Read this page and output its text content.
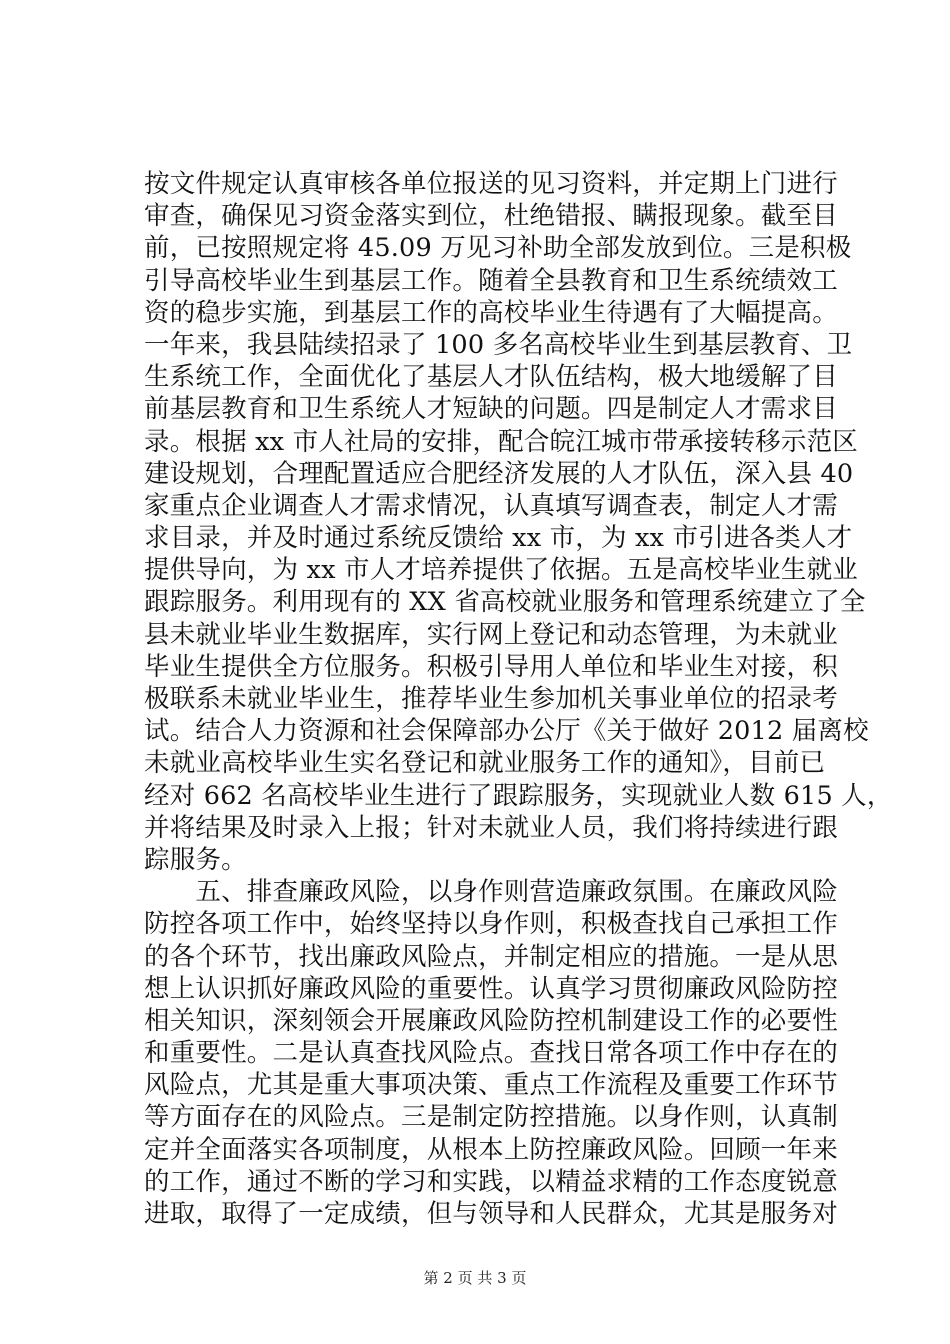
按文件规定认真审核各单位报送的见习资料，并定期上门进行
审查，确保见习资金落实到位，杜绝错报、瞒报现象。截至目
前，已按照规定将 45.09 万见习补助全部发放到位。三是积极
引导高校毕业生到基层工作。随着全县教育和卫生系统绩效工
资的稳步实施，到基层工作的高校毕业生待遇有了大幅提高。
一年来，我县陆续招录了 100 多名高校毕业生到基层教育、卫
生系统工作，全面优化了基层人才队伍结构，极大地缓解了目
前基层教育和卫生系统人才短缺的问题。四是制定人才需求目
录。根据 xx 市人社局的安排，配合皖江城市带承接转移示范区
建设规划，合理配置适应合肥经济发展的人才队伍，深入县 40
家重点企业调查人才需求情况，认真填写调查表，制定人才需
求目录，并及时通过系统反馈给 xx 市，为 xx 市引进各类人才
提供导向，为 xx 市人才培养提供了依据。五是高校毕业生就业
跟踪服务。利用现有的 XX 省高校就业服务和管理系统建立了全
县未就业毕业生数据库，实行网上登记和动态管理，为未就业
毕业生提供全方位服务。积极引导用人单位和毕业生对接，积
极联系未就业毕业生，推荐毕业生参加机关事业单位的招录考
试。结合人力资源和社会保障部办公厅《关于做好 2012 届离校
未就业高校毕业生实名登记和就业服务工作的通知》，目前已
经对 662 名高校毕业生进行了跟踪服务，实现就业人数 615 人，
并将结果及时录入上报；针对未就业人员，我们将持续进行跟
踪服务。
　　五、排查廉政风险，以身作则营造廉政氛围。在廉政风险
防控各项工作中，始终坚持以身作则，积极查找自己承担工作
的各个环节，找出廉政风险点，并制定相应的措施。一是从思
想上认识抓好廉政风险的重要性。认真学习贯彻廉政风险防控
相关知识，深刻领会开展廉政风险防控机制建设工作的必要性
和重要性。二是认真查找风险点。查找日常各项工作中存在的
风险点，尤其是重大事项决策、重点工作流程及重要工作环节
等方面存在的风险点。三是制定防控措施。以身作则，认真制
定并全面落实各项制度，从根本上防控廉政风险。回顾一年来
的工作，通过不断的学习和实践，以精益求精的工作态度锐意
进取，取得了一定成绩，但与领导和人民群众，尤其是服务对
第 2 页 共 3 页
